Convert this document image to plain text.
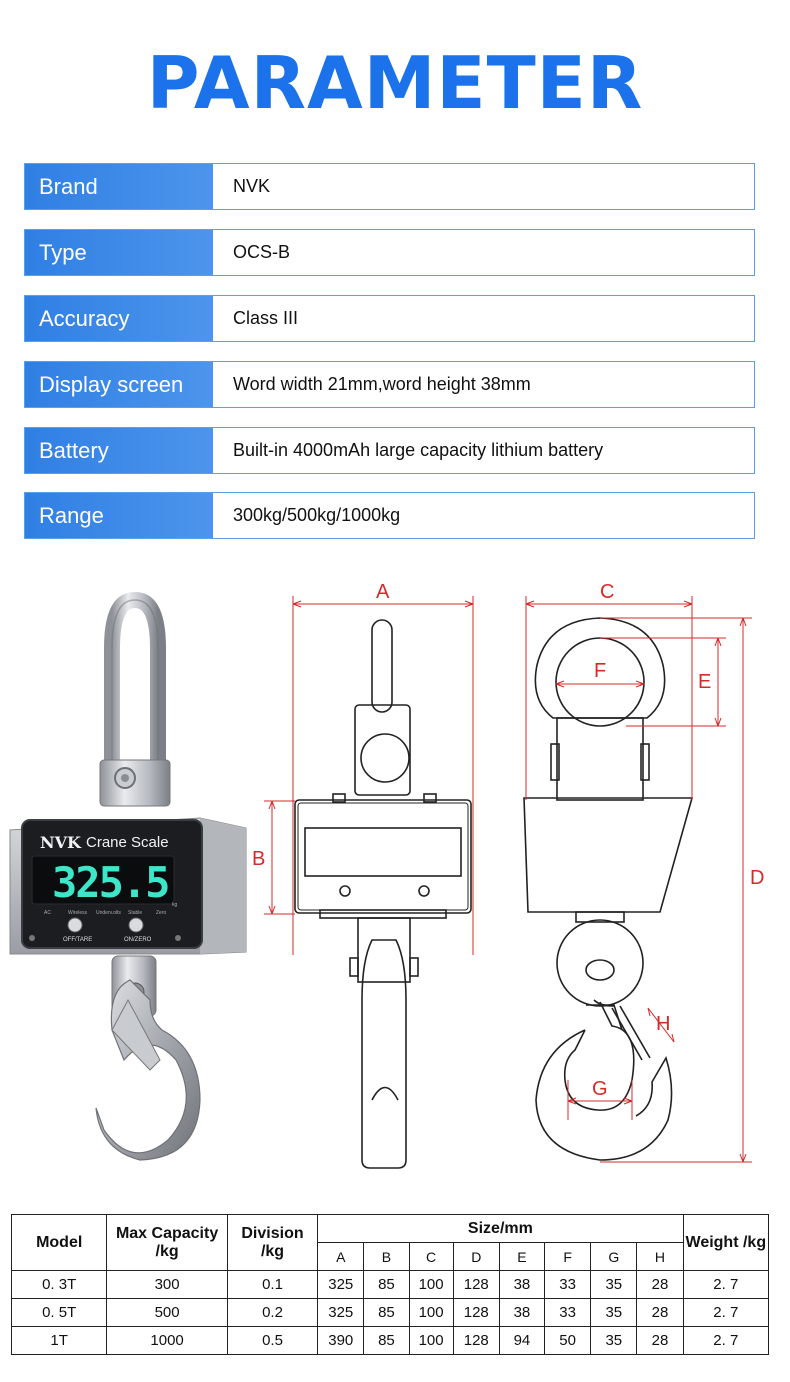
PARAMETER
Brand	NVK
Type	OCS-B
Accuracy	Class III
Display screen	Word width 21mm,word height 38mm
Battery	Built-in 4000mAh large capacity lithium battery
Range	300kg/500kg/1000kg
NVK Crane Scale
325.5
AC	Wireless Underv.olts Stable	Zero
kg
OFF/TARE	ON/ZERO
A
B
C
F	E
D
G
H
Model	Max Capacity /kg	Division /kg	Size/mm								Weight /kg
			A	B	C	D	E	F	G	H	
0. 3T	300	0.1	325	85	100	128	38	33	35	28	2. 7
0. 5T	500	0.2	325	85	100	128	38	33	35	28	2. 7
1T	1000	0.5	390	85	100	128	94	50	35	28	2. 7
